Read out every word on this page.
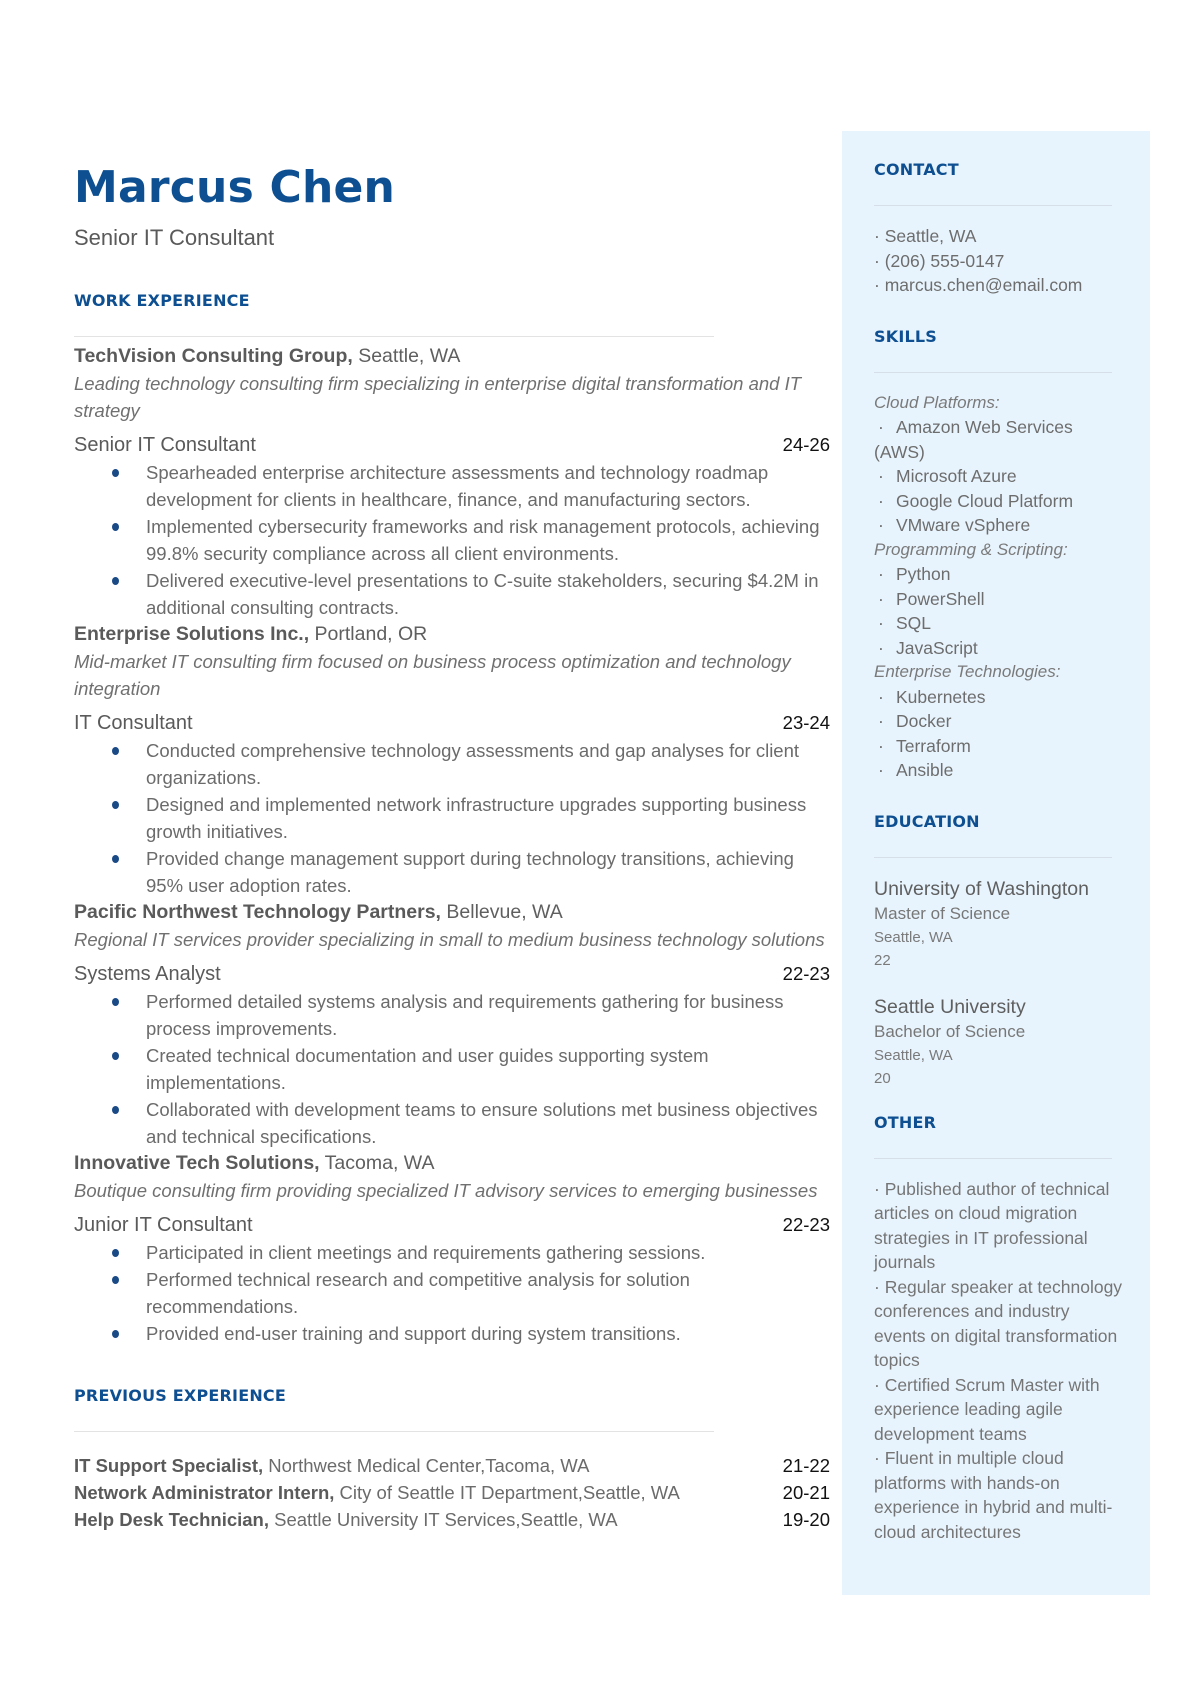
Marcus Chen
Senior IT Consultant
WORK EXPERIENCE
TechVision Consulting Group, Seattle, WA
Leading technology consulting firm specializing in enterprise digital transformation and IT strategy
Senior IT Consultant	24-26
Spearheaded enterprise architecture assessments and technology roadmap development for clients in healthcare, finance, and manufacturing sectors.
Implemented cybersecurity frameworks and risk management protocols, achieving 99.8% security compliance across all client environments.
Delivered executive-level presentations to C-suite stakeholders, securing $4.2M in additional consulting contracts.
Enterprise Solutions Inc., Portland, OR
Mid-market IT consulting firm focused on business process optimization and technology integration
IT Consultant	23-24
Conducted comprehensive technology assessments and gap analyses for client organizations.
Designed and implemented network infrastructure upgrades supporting business growth initiatives.
Provided change management support during technology transitions, achieving 95% user adoption rates.
Pacific Northwest Technology Partners, Bellevue, WA
Regional IT services provider specializing in small to medium business technology solutions
Systems Analyst	22-23
Performed detailed systems analysis and requirements gathering for business process improvements.
Created technical documentation and user guides supporting system implementations.
Collaborated with development teams to ensure solutions met business objectives and technical specifications.
Innovative Tech Solutions, Tacoma, WA
Boutique consulting firm providing specialized IT advisory services to emerging businesses
Junior IT Consultant	22-23
Participated in client meetings and requirements gathering sessions.
Performed technical research and competitive analysis for solution recommendations.
Provided end-user training and support during system transitions.
PREVIOUS EXPERIENCE
IT Support Specialist, Northwest Medical Center,Tacoma, WA	21-22
Network Administrator Intern, City of Seattle IT Department,Seattle, WA	20-21
Help Desk Technician, Seattle University IT Services,Seattle, WA	19-20
CONTACT
· Seattle, WA
· (206) 555-0147
· marcus.chen@email.com
SKILLS
Cloud Platforms:
· Amazon Web Services (AWS)
· Microsoft Azure
· Google Cloud Platform
· VMware vSphere
Programming & Scripting:
· Python
· PowerShell
· SQL
· JavaScript
Enterprise Technologies:
· Kubernetes
· Docker
· Terraform
· Ansible
EDUCATION
University of Washington
Master of Science
Seattle, WA
22
Seattle University
Bachelor of Science
Seattle, WA
20
OTHER
· Published author of technical articles on cloud migration strategies in IT professional journals
· Regular speaker at technology conferences and industry events on digital transformation topics
· Certified Scrum Master with experience leading agile development teams
· Fluent in multiple cloud platforms with hands-on experience in hybrid and multi-cloud architectures
